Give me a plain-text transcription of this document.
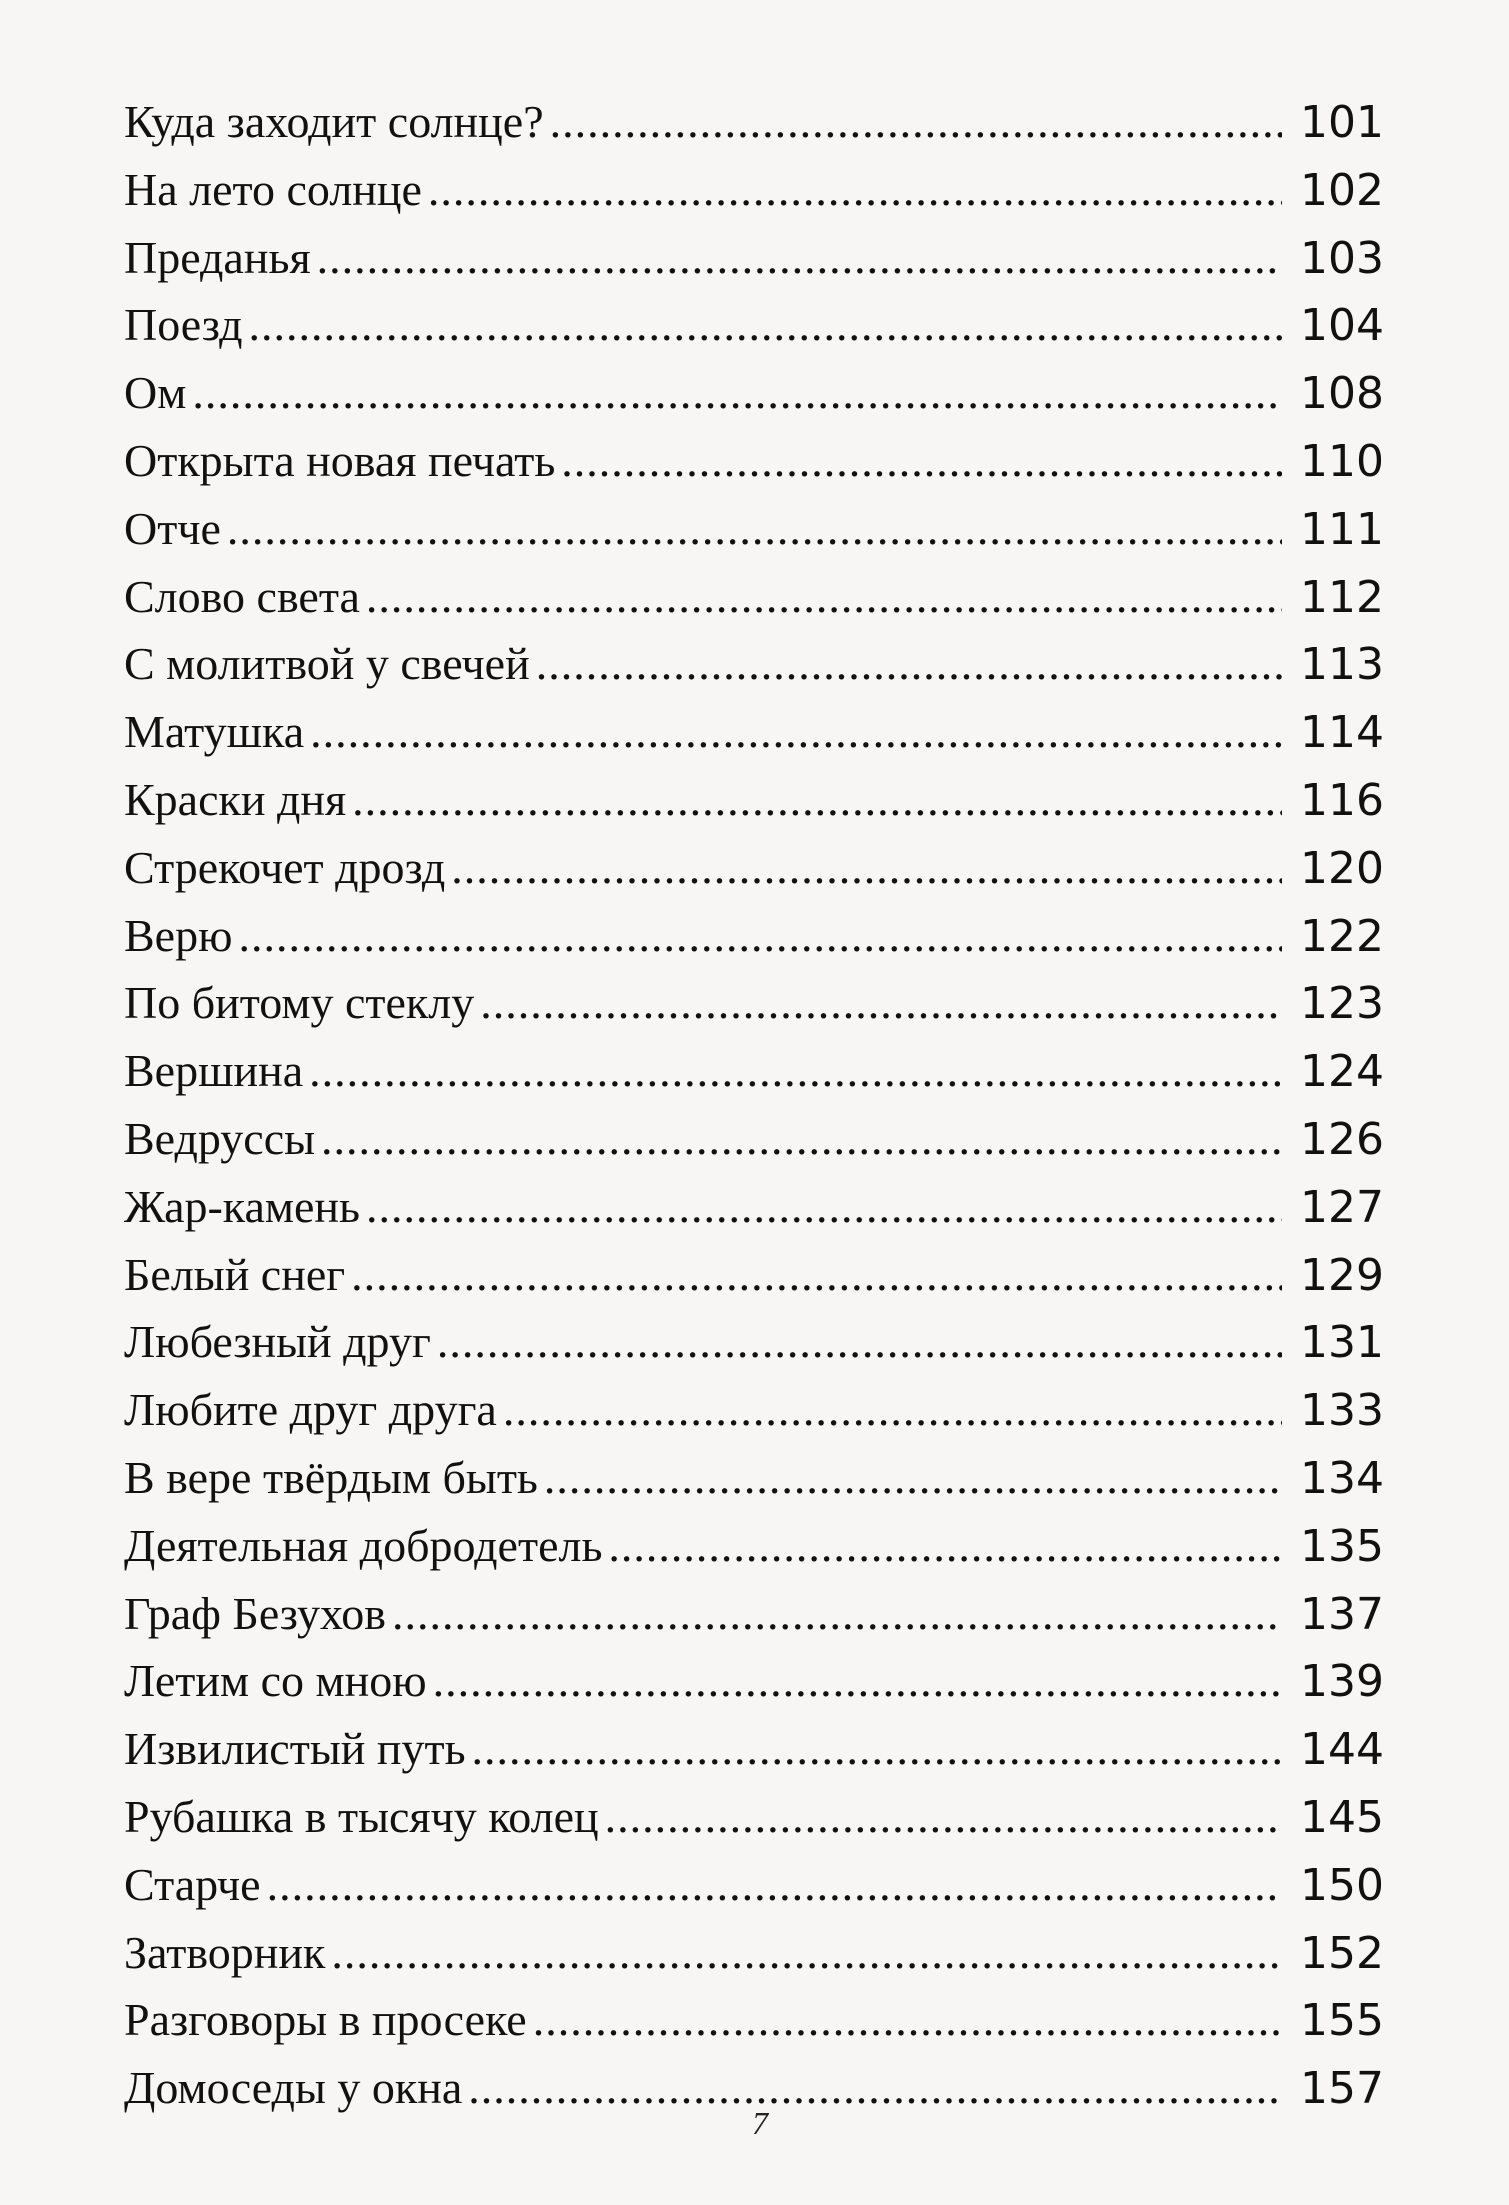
Куда заходит солнце? .....	101
На лето солнце .....	102
Преданья .....	103
Поезд .....	104
Ом .....	108
Открыта новая печать .....	110
Отче .....	111
Слово света .....	112
С молитвой у свечей .....	113
Матушка .....	114
Краски дня .....	116
Стрекочет дрозд .....	120
Верю .....	122
По битому стеклу .....	123
Вершина .....	124
Ведруссы .....	126
Жар-камень .....	127
Белый снег .....	129
Любезный друг .....	131
Любите друг друга .....	133
В вере твёрдым быть .....	134
Деятельная добродетель .....	135
Граф Безухов .....	137
Летим со мною .....	139
Извилистый путь .....	144
Рубашка в тысячу колец .....	145
Старче .....	150
Затворник .....	152
Разговоры в просеке .....	155
Домоседы у окна .....	157
7
